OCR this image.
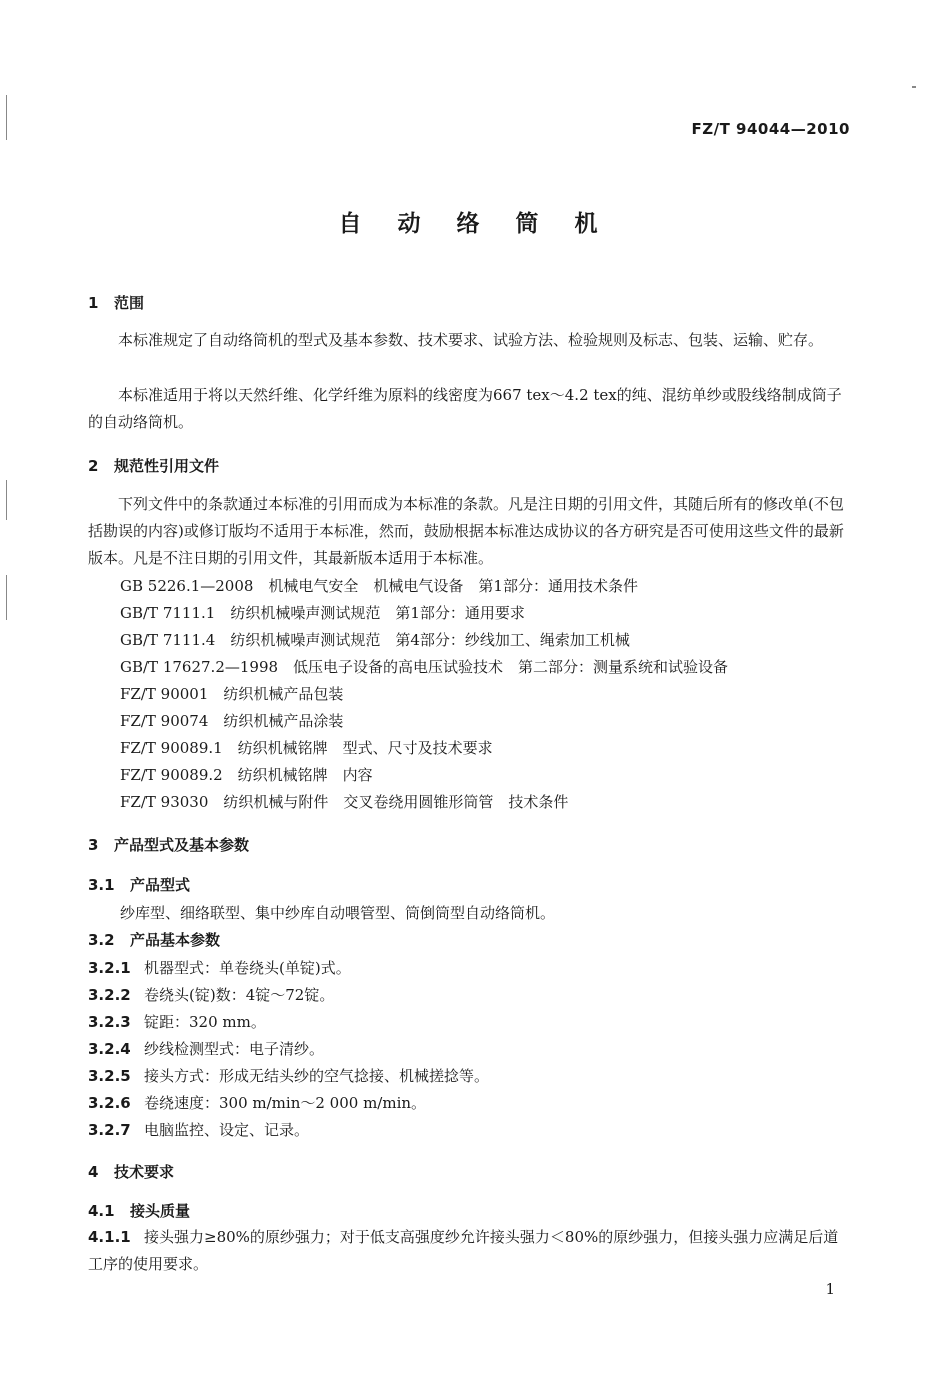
FZ/T 94044—2010
自 动 络 筒 机
1 范围
本标准规定了自动络筒机的型式及基本参数、技术要求、试验方法、检验规则及标志、包装、运输、贮存。
本标准适用于将以天然纤维、化学纤维为原料的线密度为667 tex～4.2 tex的纯、混纺单纱或股线络制成筒子的自动络筒机。
2 规范性引用文件
下列文件中的条款通过本标准的引用而成为本标准的条款。凡是注日期的引用文件，其随后所有的修改单(不包括勘误的内容)或修订版均不适用于本标准，然而，鼓励根据本标准达成协议的各方研究是否可使用这些文件的最新版本。凡是不注日期的引用文件，其最新版本适用于本标准。
GB 5226.1—2008　机械电气安全　机械电气设备　第1部分：通用技术条件
GB/T 7111.1　纺织机械噪声测试规范　第1部分：通用要求
GB/T 7111.4　纺织机械噪声测试规范　第4部分：纱线加工、绳索加工机械
GB/T 17627.2—1998　低压电子设备的高电压试验技术　第二部分：测量系统和试验设备
FZ/T 90001　纺织机械产品包装
FZ/T 90074　纺织机械产品涂装
FZ/T 90089.1　纺织机械铭牌　型式、尺寸及技术要求
FZ/T 90089.2　纺织机械铭牌　内容
FZ/T 93030　纺织机械与附件　交叉卷绕用圆锥形筒管　技术条件
3 产品型式及基本参数
3.1 产品型式
纱库型、细络联型、集中纱库自动喂管型、筒倒筒型自动络筒机。
3.2 产品基本参数
3.2.1 机器型式：单卷绕头(单锭)式。
3.2.2 卷绕头(锭)数：4锭～72锭。
3.2.3 锭距：320 mm。
3.2.4 纱线检测型式：电子清纱。
3.2.5 接头方式：形成无结头纱的空气捻接、机械搓捻等。
3.2.6 卷绕速度：300 m/min～2 000 m/min。
3.2.7 电脑监控、设定、记录。
4 技术要求
4.1 接头质量
4.1.1 接头强力≥80%的原纱强力；对于低支高强度纱允许接头强力＜80%的原纱强力，但接头强力应满足后道工序的使用要求。
1
